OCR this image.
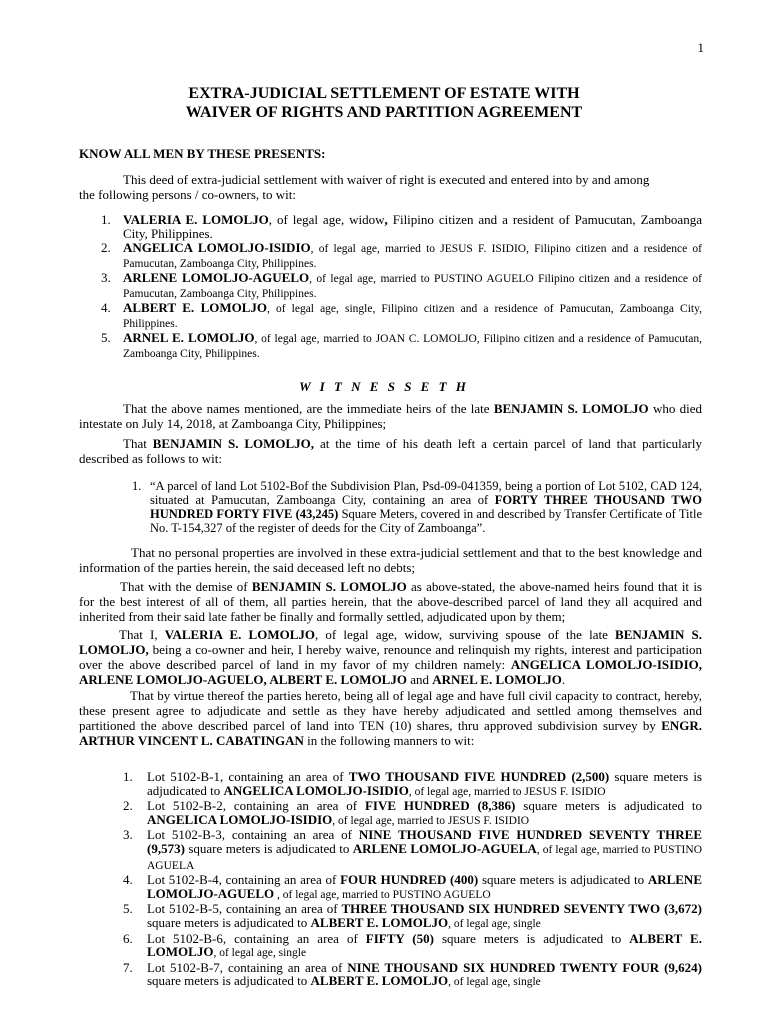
1
EXTRA-JUDICIAL SETTLEMENT OF ESTATE WITH
WAIVER OF RIGHTS AND PARTITION AGREEMENT
KNOW ALL MEN BY THESE PRESENTS:
This deed of extra-judicial settlement with waiver of right is executed and entered into by and among
the following persons / co-owners, to wit:
1. VALERIA E. LOMOLJO, of legal age, widow, Filipino citizen and a resident of Pamucutan, Zamboanga City, Philippines.
2. ANGELICA LOMOLJO-ISIDIO, of legal age, married to JESUS F. ISIDIO, Filipino citizen and a residence of Pamucutan, Zamboanga City, Philippines.
3. ARLENE LOMOLJO-AGUELO, of legal age, married to PUSTINO AGUELO Filipino citizen and a residence of Pamucutan, Zamboanga City, Philippines.
4. ALBERT E. LOMOLJO, of legal age, single, Filipino citizen and a residence of Pamucutan, Zamboanga City, Philippines.
5. ARNEL E. LOMOLJO, of legal age, married to JOAN C. LOMOLJO, Filipino citizen and a residence of Pamucutan, Zamboanga City, Philippines.
W I T N E S S E T H

That the above names mentioned, are the immediate heirs of the late BENJAMIN S. LOMOLJO who died intestate on July 14, 2018, at Zamboanga City, Philippines;

That BENJAMIN S. LOMOLJO, at the time of his death left a certain parcel of land that particularly described as follows to wit:

1. “A parcel of land Lot 5102-Bof the Subdivision Plan, Psd-09-041359, being a portion of Lot 5102, CAD 124, situated at Pamucutan, Zamboanga City, containing an area of FORTY THREE THOUSAND TWO HUNDRED FORTY FIVE (43,245) Square Meters, covered in and described by Transfer Certificate of Title No. T-154,327 of the register of deeds for the City of Zamboanga”.

That no personal properties are involved in these extra-judicial settlement and that to the best knowledge and information of the parties herein, the said deceased left no debts;

That with the demise of BENJAMIN S. LOMOLJO as above-stated, the above-named heirs found that it is for the best interest of all of them, all parties herein, that the above-described parcel of land they all acquired and inherited from their said late father be finally and formally settled, adjudicated upon by them;

That I, VALERIA E. LOMOLJO, of legal age, widow, surviving spouse of the late BENJAMIN S. LOMOLJO, being a co-owner and heir, I hereby waive, renounce and relinquish my rights, interest and participation over the above described parcel of land in my favor of my children namely: ANGELICA LOMOLJO-ISIDIO, ARLENE LOMOLJO-AGUELO, ALBERT E. LOMOLJO and ARNEL E. LOMOLJO.

That by virtue thereof the parties hereto, being all of legal age and have full civil capacity to contract, hereby, these present agree to adjudicate and settle as they have hereby adjudicated and settled among themselves and partitioned the above described parcel of land into TEN (10) shares, thru approved subdivision survey by ENGR. ARTHUR VINCENT L. CABATINGAN in the following manners to wit:

1. Lot 5102-B-1, containing an area of TWO THOUSAND FIVE HUNDRED (2,500) square meters is adjudicated to ANGELICA LOMOLJO-ISIDIO, of legal age, married to JESUS F. ISIDIO
2. Lot 5102-B-2, containing an area of FIVE HUNDRED (8,386) square meters is adjudicated to ANGELICA LOMOLJO-ISIDIO, of legal age, married to JESUS F. ISIDIO
3. Lot 5102-B-3, containing an area of NINE THOUSAND FIVE HUNDRED SEVENTY THREE (9,573) square meters is adjudicated to ARLENE LOMOLJO-AGUELA, of legal age, married to PUSTINO AGUELA
4. Lot 5102-B-4, containing an area of FOUR HUNDRED (400) square meters is adjudicated to ARLENE LOMOLJO-AGUELO , of legal age, married to PUSTINO AGUELO
5. Lot 5102-B-5, containing an area of THREE THOUSAND SIX HUNDRED SEVENTY TWO (3,672) square meters is adjudicated to ALBERT E. LOMOLJO, of legal age, single
6. Lot 5102-B-6, containing an area of FIFTY (50) square meters is adjudicated to ALBERT E. LOMOLJO, of legal age, single
7. Lot 5102-B-7, containing an area of NINE THOUSAND SIX HUNDRED TWENTY FOUR (9,624) square meters is adjudicated to ALBERT E. LOMOLJO, of legal age, single
